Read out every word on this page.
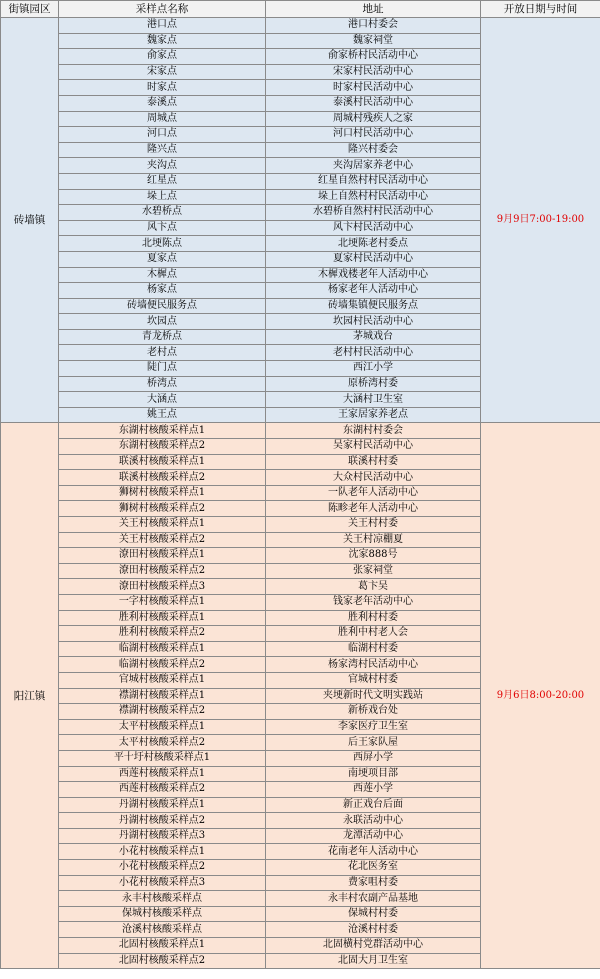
街镇园区	采样点名称	地址	开放日期与时间
砖墙镇	港口点	港口村委会	9月9日7:00-19:00
	魏家点	魏家祠堂	
	俞家点	俞家桥村民活动中心	
	宋家点	宋家村民活动中心	
	时家点	时家村民活动中心	
	泰溪点	泰溪村民活动中心	
	周城点	周城村残疾人之家	
	河口点	河口村民活动中心	
	隆兴点	隆兴村委会	
	夹沟点	夹沟居家养老中心	
	红星点	红星自然村村民活动中心	
	垛上点	垛上自然村村民活动中心	
	水碧桥点	水碧桥自然村村民活动中心	
	风卞点	风卞村民活动中心	
	北埂陈点	北埂陈老村委点	
	夏家点	夏家村民活动中心	
	木樨点	木樨戏楼老年人活动中心	
	杨家点	杨家老年人活动中心	
	砖墙便民服务点	砖墙集镇便民服务点	
	坎园点	坎园村民活动中心	
	青龙桥点	茅城戏台	
	老村点	老村村民活动中心	
	陡门点	西江小学	
	桥湾点	原桥湾村委	
	大涵点	大涵村卫生室	
	姚王点	王家居家养老点	
阳江镇	东湖村核酸采样点1	东湖村村委会	9月6日8:00-20:00
	东湖村核酸采样点2	吴家村民活动中心	
	联溪村核酸采样点1	联溪村村委	
	联溪村核酸采样点2	大众村民活动中心	
	狮树村核酸采样点1	一队老年人活动中心	
	狮树村核酸采样点2	陈畛老年人活动中心	
	关王村核酸采样点1	关王村村委	
	关王村核酸采样点2	关王村凉棚夏	
	潦田村核酸采样点1	沈家888号	
	潦田村核酸采样点2	张家祠堂	
	潦田村核酸采样点3	葛卞吴	
	一字村核酸采样点1	钱家老年活动中心	
	胜利村核酸采样点1	胜利村村委	
	胜利村核酸采样点2	胜利中村老人会	
	临湖村核酸采样点1	临湖村村委	
	临湖村核酸采样点2	杨家湾村民活动中心	
	官城村核酸采样点1	官城村村委	
	襟湖村核酸采样点1	夹埂新时代文明实践站	
	襟湖村核酸采样点2	新桥戏台处	
	太平村核酸采样点1	李家医疗卫生室	
	太平村核酸采样点2	后王家队屋	
	平十圩村核酸采样点1	西屏小学	
	西莲村核酸采样点1	南埂项目部	
	西莲村核酸采样点2	西莲小学	
	丹湖村核酸采样点1	新正戏台后面	
	丹湖村核酸采样点2	永联活动中心	
	丹湖村核酸采样点3	龙潭活动中心	
	小花村核酸采样点1	花南老年人活动中心	
	小花村核酸采样点2	花北医务室	
	小花村核酸采样点3	费家咀村委	
	永丰村核酸采样点	永丰村农副产品基地	
	保城村核酸采样点	保城村村委	
	沧溪村核酸采样点	沧溪村村委	
	北固村核酸采样点1	北固横村党群活动中心	
	北固村核酸采样点2	北固大月卫生室	
